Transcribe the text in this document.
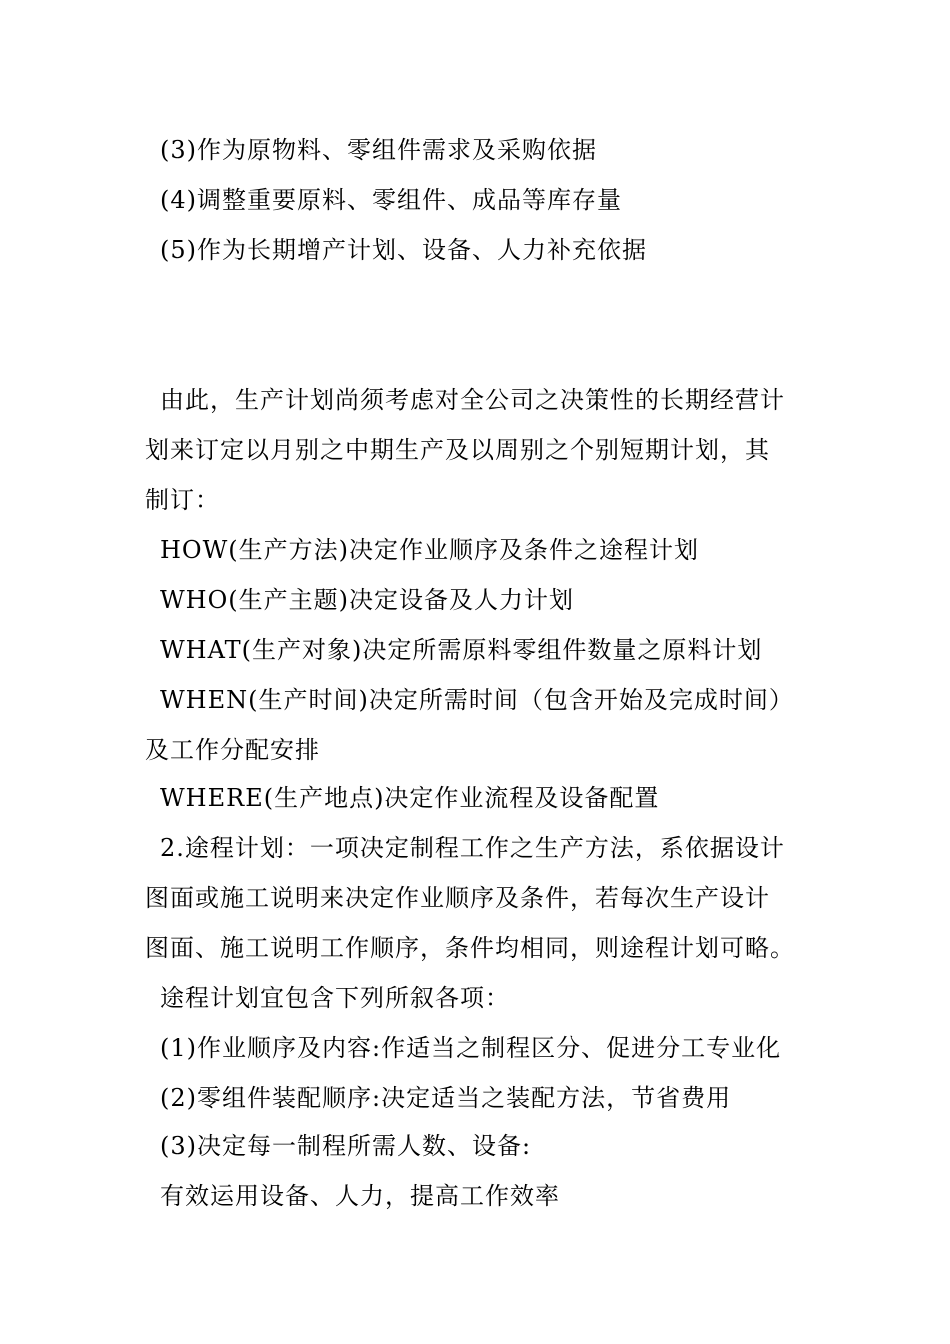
(3)作为原物料、零组件需求及采购依据
(4)调整重要原料、零组件、成品等库存量
(5)作为长期增产计划、设备、人力补充依据
由此，生产计划尚须考虑对全公司之决策性的长期经营计
划来订定以月别之中期生产及以周别之个别短期计划，其
制订：
HOW(生产方法)决定作业顺序及条件之途程计划
WHO(生产主题)决定设备及人力计划
WHAT(生产对象)决定所需原料零组件数量之原料计划
WHEN(生产时间)决定所需时间（包含开始及完成时间）
及工作分配安排
WHERE(生产地点)决定作业流程及设备配置
2.途程计划：一项决定制程工作之生产方法，系依据设计
图面或施工说明来决定作业顺序及条件，若每次生产设计
图面、施工说明工作顺序，条件均相同，则途程计划可略。
途程计划宜包含下列所叙各项：
(1)作业顺序及内容:作适当之制程区分、促进分工专业化
(2)零组件装配顺序:决定适当之装配方法，节省费用
(3)决定每一制程所需人数、设备:
有效运用设备、人力，提高工作效率
